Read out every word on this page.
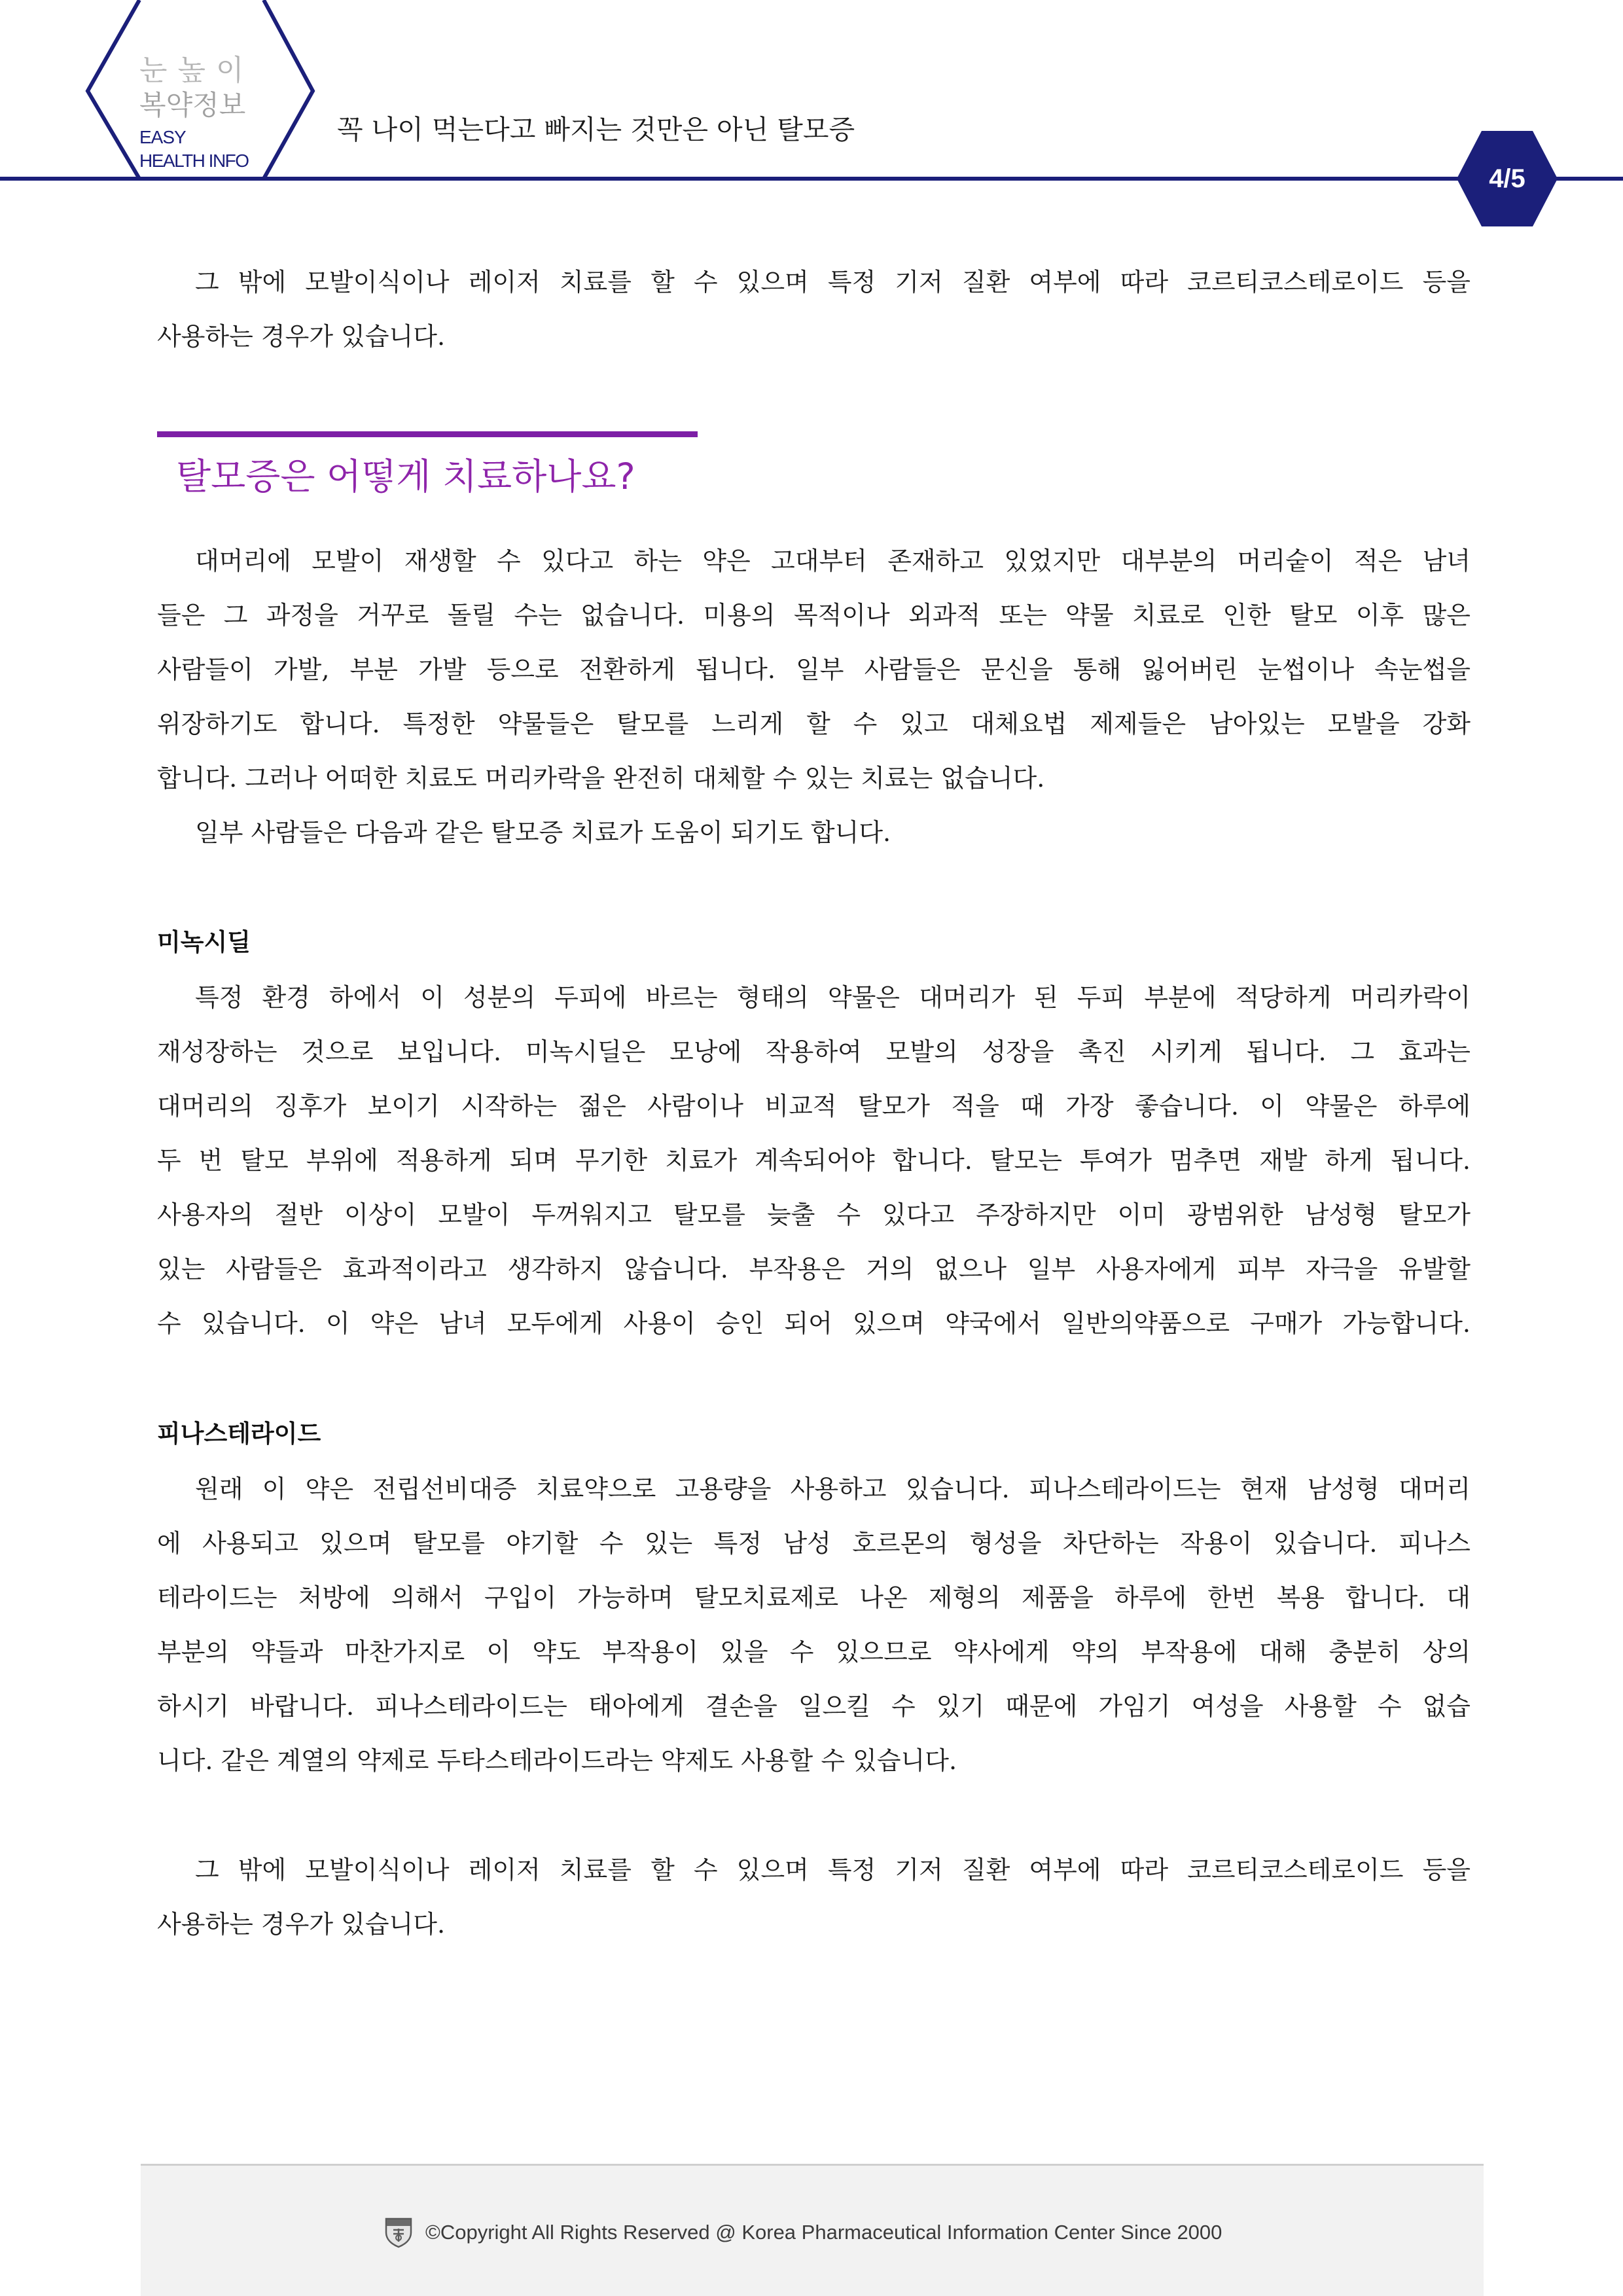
눈 높 이
복약정보
EASY
HEALTH INFO
꼭 나이 먹는다고 빠지는 것만은 아닌 탈모증
4/5
그 밖에 모발이식이나 레이저 치료를 할 수 있으며 특정 기저 질환 여부에 따라 코르티코스테로이드 등을
사용하는 경우가 있습니다.
탈모증은 어떻게 치료하나요?
대머리에 모발이 재생할 수 있다고 하는 약은 고대부터 존재하고 있었지만 대부분의 머리숱이 적은 남녀
들은 그 과정을 거꾸로 돌릴 수는 없습니다. 미용의 목적이나 외과적 또는 약물 치료로 인한 탈모 이후 많은
사람들이 가발, 부분 가발 등으로 전환하게 됩니다. 일부 사람들은 문신을 통해 잃어버린 눈썹이나 속눈썹을
위장하기도 합니다. 특정한 약물들은 탈모를 느리게 할 수 있고 대체요법 제제들은 남아있는 모발을 강화
합니다. 그러나 어떠한 치료도 머리카락을 완전히 대체할 수 있는 치료는 없습니다.
일부 사람들은 다음과 같은 탈모증 치료가 도움이 되기도 합니다.
미녹시딜
특정 환경 하에서 이 성분의 두피에 바르는 형태의 약물은 대머리가 된 두피 부분에 적당하게 머리카락이
재성장하는 것으로 보입니다. 미녹시딜은 모낭에 작용하여 모발의 성장을 촉진 시키게 됩니다. 그 효과는
대머리의 징후가 보이기 시작하는 젊은 사람이나 비교적 탈모가 적을 때 가장 좋습니다. 이 약물은 하루에
두 번 탈모 부위에 적용하게 되며 무기한 치료가 계속되어야 합니다. 탈모는 투여가 멈추면 재발 하게 됩니다.
사용자의 절반 이상이 모발이 두꺼워지고 탈모를 늦출 수 있다고 주장하지만 이미 광범위한 남성형 탈모가
있는 사람들은 효과적이라고 생각하지 않습니다. 부작용은 거의 없으나 일부 사용자에게 피부 자극을 유발할
수 있습니다. 이 약은 남녀 모두에게 사용이 승인 되어 있으며 약국에서 일반의약품으로 구매가 가능합니다.
피나스테라이드
원래 이 약은 전립선비대증 치료약으로 고용량을 사용하고 있습니다. 피나스테라이드는 현재 남성형 대머리
에 사용되고 있으며 탈모를 야기할 수 있는 특정 남성 호르몬의 형성을 차단하는 작용이 있습니다. 피나스
테라이드는 처방에 의해서 구입이 가능하며 탈모치료제로 나온 제형의 제품을 하루에 한번 복용 합니다. 대
부분의 약들과 마찬가지로 이 약도 부작용이 있을 수 있으므로 약사에게 약의 부작용에 대해 충분히 상의
하시기 바랍니다. 피나스테라이드는 태아에게 결손을 일으킬 수 있기 때문에 가임기 여성을 사용할 수 없습
니다. 같은 계열의 약제로 두타스테라이드라는 약제도 사용할 수 있습니다.
그 밖에 모발이식이나 레이저 치료를 할 수 있으며 특정 기저 질환 여부에 따라 코르티코스테로이드 등을
사용하는 경우가 있습니다.
©Copyright All Rights Reserved @ Korea Pharmaceutical Information Center Since 2000
